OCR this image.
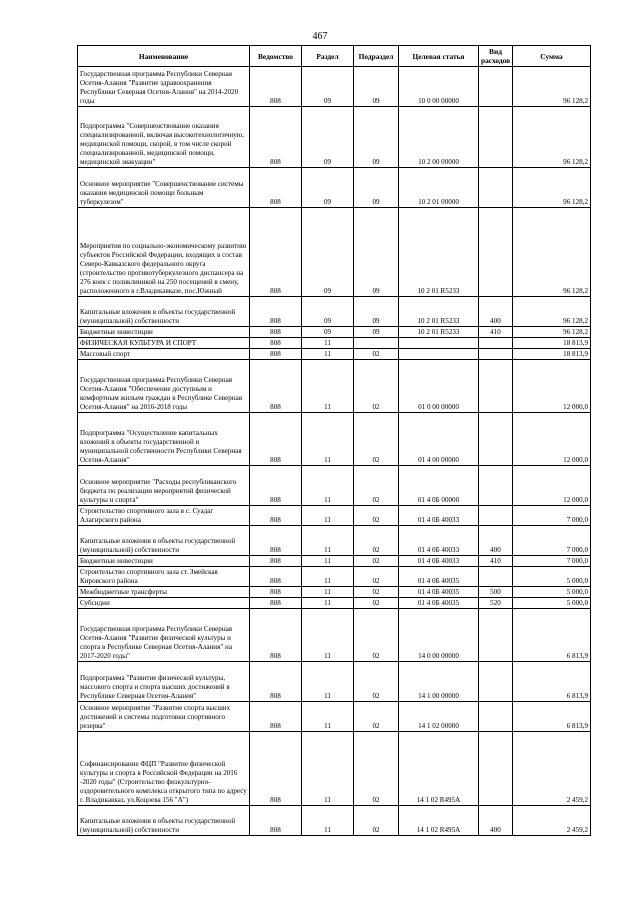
467
Наименование	Ведомство	Раздел	Подраздел	Целевая статья	Вид расходов	Сумма
Государственная программа Республики Северная Осетия-Алания "Развитие здравоохранения Республики Северная Осетия-Алания" на 2014-2020 годы	808	09	09	10 0 00 00000		96 128,2
Подпрограмма "Совершенствование оказания специализированной, включая высокотехнологичную, медицинской помощи, скорой, в том числе скорой специализированной, медицинской помощи, медицинской эвакуации"	808	09	09	10 2 00 00000		96 128,2
Основное мероприятие "Совершенствование системы оказания медицинской помощи больным туберкулезом"	808	09	09	10 2 01 00000		96 128,2
Мероприятия по социально-экономическому развитию субъектов Российской Федерации, входящих в состав Северо-Кавказского федерального округа (строительство противотуберкулезного диспансера на 276 коек с поликлиникой на 250 посещений в смену, расположенного в г.Владикавказе, пос.Южный	808	09	09	10 2 01 R5233		96 128,2
Капитальные вложения в объекты государственной (муниципальной) собственности	808	09	09	10 2 01 R5233	400	96 128,2
Бюджетные инвестиции	808	09	09	10 2 01 R5233	410	96 128,2
ФИЗИЧЕСКАЯ КУЛЬТУРА И СПОРТ	808	11				18 813,9
Массовый спорт	808	11	02			18 813,9
Государственная программа Республики Северная Осетия-Алания "Обеспечение доступным и комфортным жильем граждан в Республике Северная Осетия-Алания" на 2016-2018 годы	808	11	02	01 0 00 00000		12 000,0
Подпрограмма "Осуществление капитальных вложений в объекты государственной и муниципальной собственности Республики Северная Осетия-Алания"	808	11	02	01 4 00 00000		12 000,0
Основное мероприятие "Расходы республиканского бюджета по реализации мероприятий физической культуры и спорта"	808	11	02	01 4 0Б 00000		12 000,0
Строительство спортивного зала в с. Суадаг Алагирского района	808	11	02	01 4 0Б 40033		7 000,0
Капитальные вложения в объекты государственной (муниципальной) собственности	808	11	02	01 4 0Б 40033	400	7 000,0
Бюджетные инвестиции	808	11	02	01 4 0Б 40033	410	7 000,0
Строительство спортивного зала ст. Змейская Кировского района	808	11	02	01 4 0Б 40035		5 000,0
Межбюджетные трансферты	808	11	02	01 4 0Б 40035	500	5 000,0
Субсидии	808	11	02	01 4 0Б 40035	520	5 000,0
Государственная программа Республики Северная Осетия-Алания "Развитие физической культуры и спорта в Республике Северная Осетия-Алания" на 2017-2020 годы"	808	11	02	14 0 00 00000		6 813,9
Подпрограмма "Развитие физической культуры, массового спорта и спорта высших достижений в Республике Северная Осетия-Алания"	808	11	02	14 1 00 00000		6 813,9
Основное мероприятие "Развитие спорта высших достижений и системы подготовки спортивного резерва"	808	11	02	14 1 02 00000		6 813,9
Софинансирование ФЦП "Развитие физической культуры и спорта в Российской Федерации на 2016 -2020 годы" (Строительство физкультурно-оздоровительного комплекса открытого типа по адресу г. Владикавказ, ул.Коцоева 156 "А")	808	11	02	14 1 02 R495A		2 459,2
Капитальные вложения в объекты государственной (муниципальной) собственности	808	11	02	14 1 02 R495A	400	2 459,2
